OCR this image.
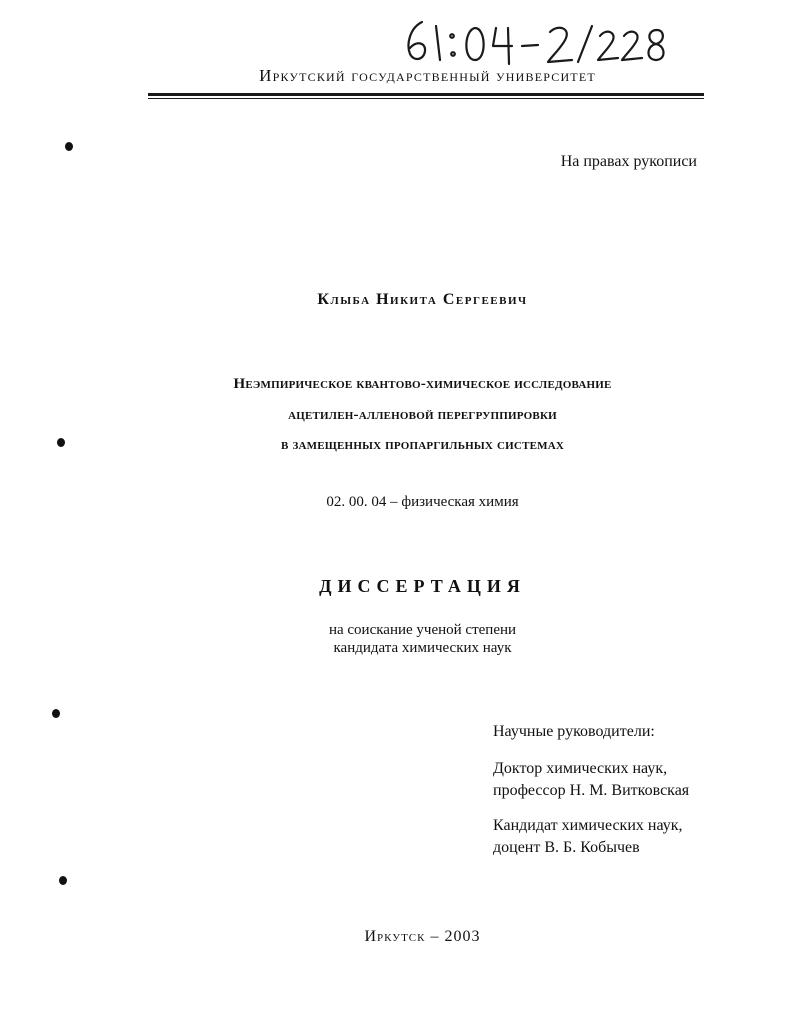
Иркутский государственный университет
На правах рукописи
Клыба Никита Сергеевич
Неэмпирическое квантово-химическое исследование
ацетилен-алленовой перегруппировки
в замещенных пропаргильных системах
02. 00. 04 – физическая химия
ДИССЕРТАЦИЯ
на соискание ученой степени
кандидата химических наук
Научные руководители:
Доктор химических наук,
профессор Н. М. Витковская
Кандидат химических наук,
доцент В. Б. Кобычев
Иркутск – 2003
